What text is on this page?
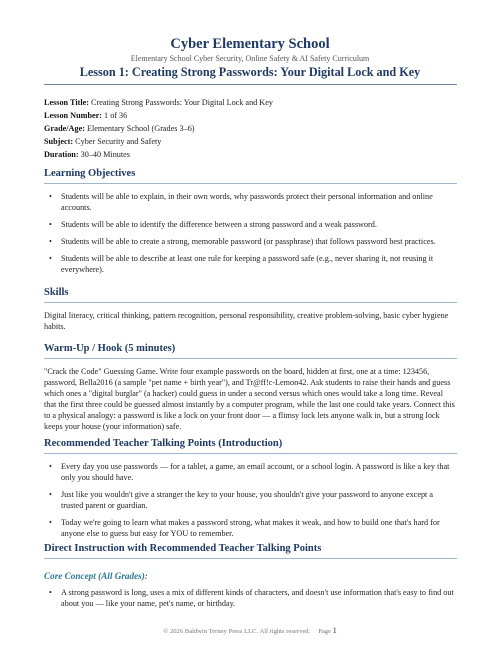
Cyber Elementary School
Elementary School Cyber Security, Online Safety & AI Safety Curriculum
Lesson 1: Creating Strong Passwords: Your Digital Lock and Key
Lesson Title: Creating Strong Passwords: Your Digital Lock and Key
Lesson Number: 1 of 36
Grade/Age: Elementary School (Grades 3–6)
Subject: Cyber Security and Safety
Duration: 30–40 Minutes
Learning Objectives
• Students will be able to explain, in their own words, why passwords protect their personal information and online accounts.
• Students will be able to identify the difference between a strong password and a weak password.
• Students will be able to create a strong, memorable password (or passphrase) that follows password best practices.
• Students will be able to describe at least one rule for keeping a password safe (e.g., never sharing it, not reusing it everywhere).
Skills
Digital literacy, critical thinking, pattern recognition, personal responsibility, creative problem-solving, basic cyber hygiene habits.
Warm-Up / Hook (5 minutes)
"Crack the Code" Guessing Game. Write four example passwords on the board, hidden at first, one at a time: 123456, password, Bella2016 (a sample "pet name + birth year"), and Tr@ff!c-Lemon42. Ask students to raise their hands and guess which ones a "digital burglar" (a hacker) could guess in under a second versus which ones would take a long time. Reveal that the first three could be guessed almost instantly by a computer program, while the last one could take years. Connect this to a physical analogy: a password is like a lock on your front door — a flimsy lock lets anyone walk in, but a strong lock keeps your house (your information) safe.
Recommended Teacher Talking Points (Introduction)
• Every day you use passwords — for a tablet, a game, an email account, or a school login. A password is like a key that only you should have.
• Just like you wouldn't give a stranger the key to your house, you shouldn't give your password to anyone except a trusted parent or guardian.
• Today we're going to learn what makes a password strong, what makes it weak, and how to build one that's hard for anyone else to guess but easy for YOU to remember.
Direct Instruction with Recommended Teacher Talking Points
Core Concept (All Grades):
• A strong password is long, uses a mix of different kinds of characters, and doesn't use information that's easy to find out about you — like your name, pet's name, or birthday.
© 2026 Baldwin Terney Press LLC. All rights reserved. Page 1
